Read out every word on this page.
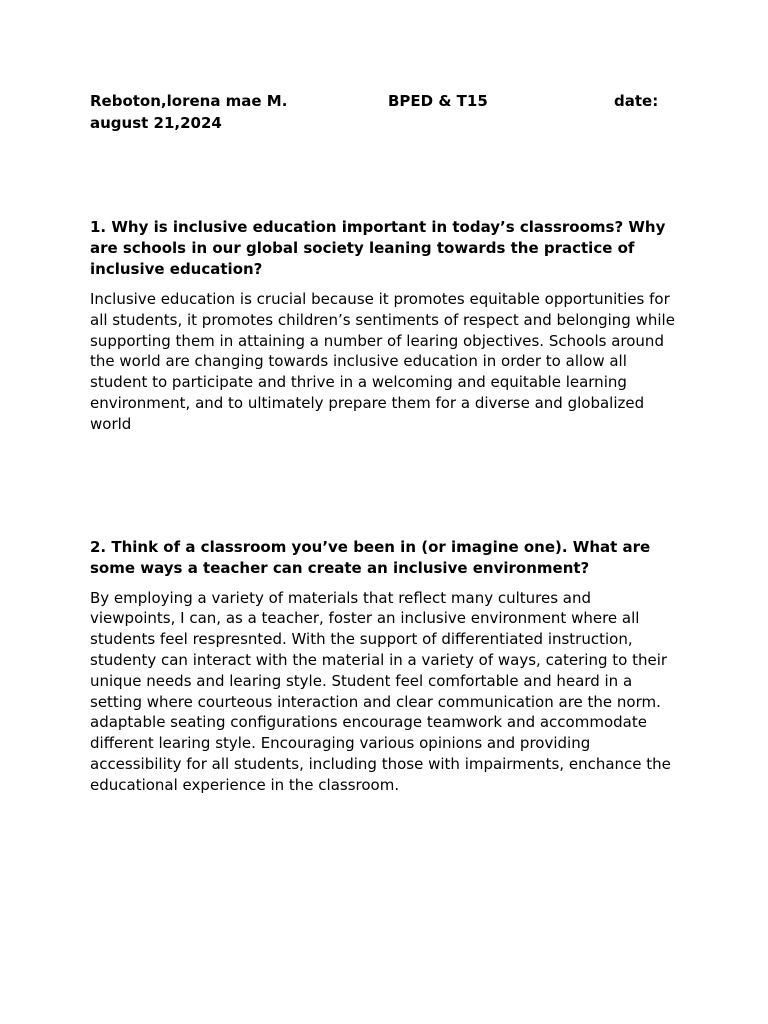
Reboton,lorena mae M.	BPED & T15	date:
august 21,2024

1. Why is inclusive education important in today’s classrooms? Why are schools in our global society leaning towards the practice of inclusive education?

Inclusive education is crucial because it promotes equitable opportunities for all students, it promotes children’s sentiments of respect and belonging while supporting them in attaining a number of learing objectives. Schools around the world are changing towards inclusive education in order to allow all student to participate and thrive in a welcoming and equitable learning environment, and to ultimately prepare them for a diverse and globalized world

2. Think of a classroom you’ve been in (or imagine one). What are some ways a teacher can create an inclusive environment?

By employing a variety of materials that reflect many cultures and viewpoints, I can, as a teacher, foster an inclusive environment where all students feel respresnted. With the support of differentiated instruction, studenty can interact with the material in a variety of ways, catering to their unique needs and learing style. Student feel comfortable and heard in a setting where courteous interaction and clear communication are the norm. adaptable seating configurations encourage teamwork and accommodate different learing style. Encouraging various opinions and providing accessibility for all students, including those with impairments, enchance the educational experience in the classroom.
